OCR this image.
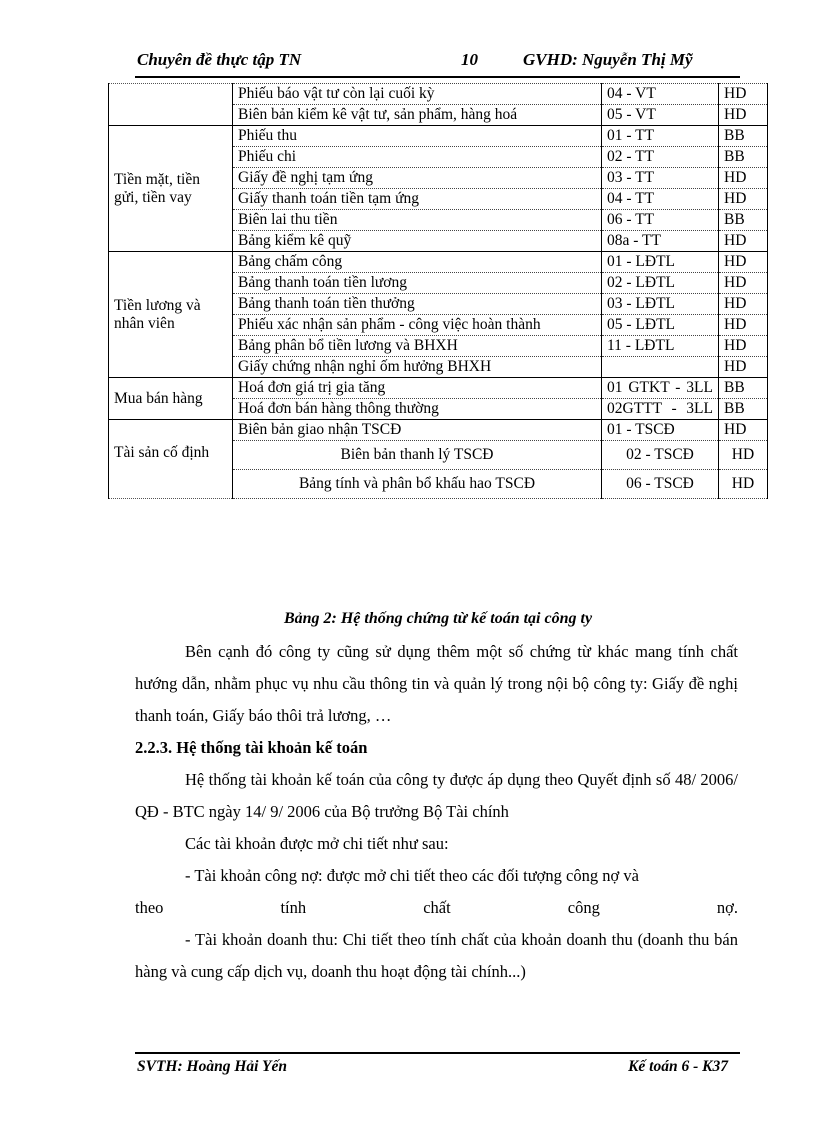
Chuyên đề thực tập TN	10	GVHD: Nguyễn Thị Mỹ
	Phiếu báo vật tư còn lại cuối kỳ	04 - VT	HD
	Biên bản kiểm kê vật tư, sản phẩm, hàng hoá	05 - VT	HD
Tiền mặt, tiền gửi, tiền vay	Phiếu thu	01 - TT	BB
	Phiếu chi	02 - TT	BB
	Giấy đề nghị tạm ứng	03 - TT	HD
	Giấy thanh toán tiền tạm ứng	04 - TT	HD
	Biên lai thu tiền	06 - TT	BB
	Bảng kiểm kê quỹ	08a - TT	HD
Tiền lương và nhân viên	Bảng chấm công	01 - LĐTL	HD
	Bảng thanh toán tiền lương	02 - LĐTL	HD
	Bảng thanh toán tiền thưởng	03 - LĐTL	HD
	Phiếu xác nhận sản phẩm - công việc hoàn thành	05 - LĐTL	HD
	Bảng phân bổ tiền lương và BHXH	11 - LĐTL	HD
	Giấy chứng nhận nghỉ ốm hưởng BHXH		HD
Mua bán hàng	Hoá đơn giá trị gia tăng	01 GTKT - 3LL	BB
	Hoá đơn bán hàng thông thường	02GTTT - 3LL	BB
Tài sản cố định	Biên bản giao nhận TSCĐ	01 - TSCĐ	HD
	Biên bản thanh lý TSCĐ	02 - TSCĐ	HD
	Bảng tính và phân bổ khấu hao TSCĐ	06 - TSCĐ	HD
Bảng 2: Hệ thống chứng từ kế toán tại công ty

Bên cạnh đó công ty cũng sử dụng thêm một số chứng từ khác mang tính chất hướng dẫn, nhằm phục vụ nhu cầu thông tin và quản lý trong nội bộ công ty: Giấy đề nghị thanh toán, Giấy báo thôi trả lương, …

2.2.3. Hệ thống tài khoản kế toán

Hệ thống tài khoản kế toán của công ty được áp dụng theo Quyết định số 48/ 2006/ QĐ - BTC ngày 14/ 9/ 2006 của Bộ trưởng Bộ Tài chính

Các tài khoản được mở chi tiết như sau:

- Tài khoản công nợ: được mở chi tiết theo các đối tượng công nợ và

theo tính chất công nợ.

- Tài khoản doanh thu: Chi tiết theo tính chất của khoản doanh thu (doanh thu bán hàng và cung cấp dịch vụ, doanh thu hoạt động tài chính...)

SVTH: Hoàng Hải Yến	Kế toán 6 - K37
